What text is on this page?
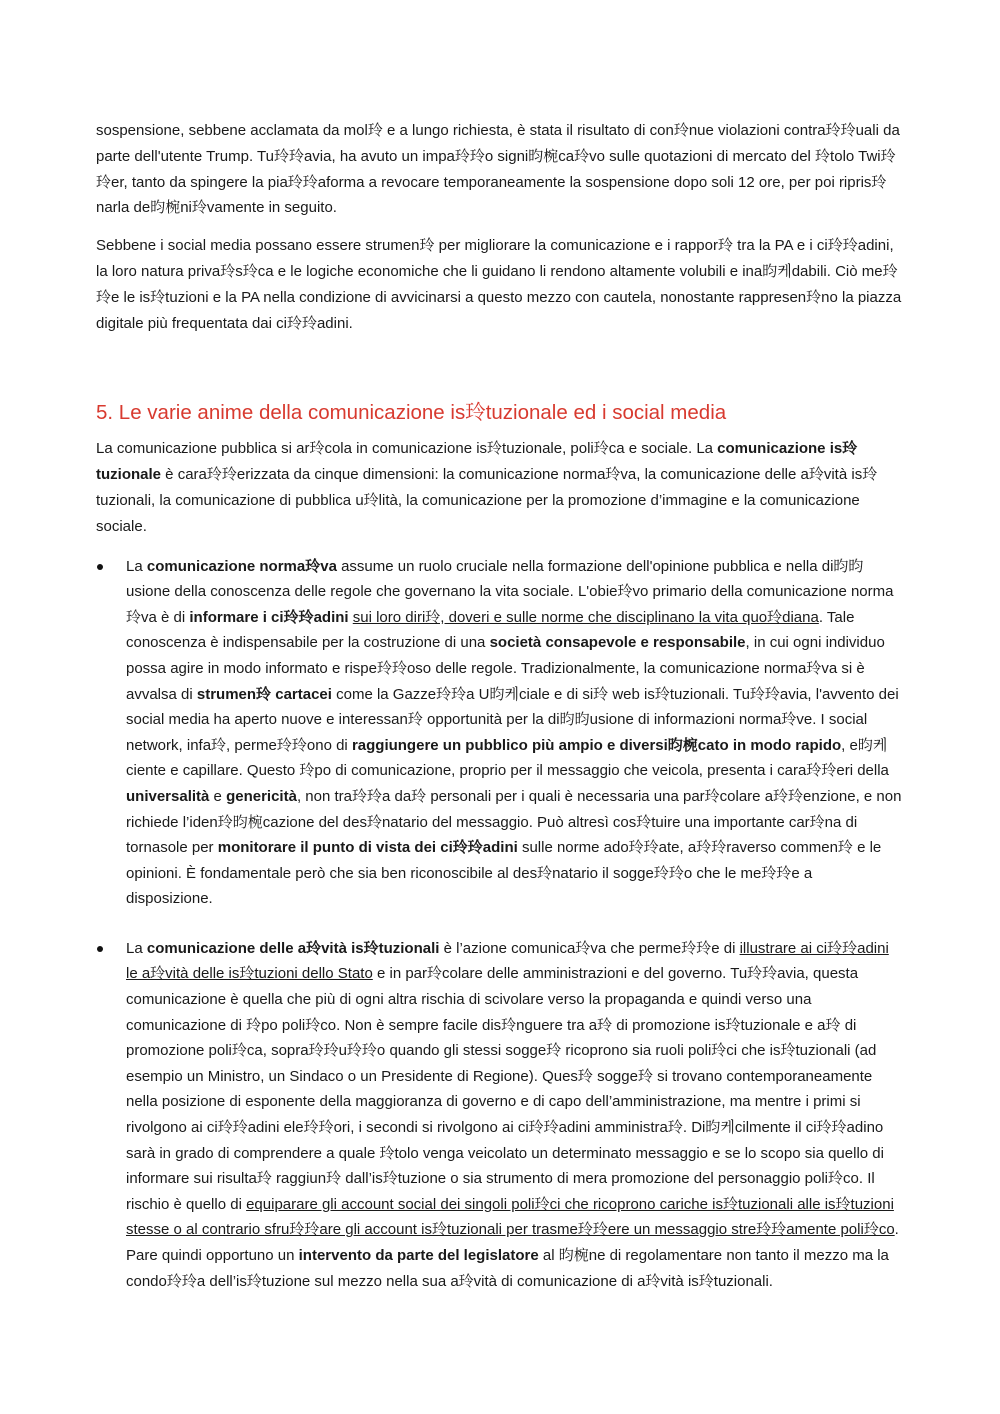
sospensione, sebbene acclamata da mol玲 e a lungo richiesta, è stata il risultato di con玲nue violazioni contra玲玲uali da parte dell'utente Trump. Tu玲玲avia, ha avuto un impa玲玲o signi昀椀ca玲vo sulle quotazioni di mercato del 玲tolo Twi玲玲er, tanto da spingere la pia玲玲aforma a revocare temporaneamente la sospensione dopo soli 12 ore, per poi ripris玲narla de昀椀ni玲vamente in seguito.

Sebbene i social media possano essere strumen玲 per migliorare la comunicazione e i rappor玲 tra la PA e i ci玲玲adini, la loro natura priva玲s玲ca e le logiche economiche che li guidano li rendono altamente volubili e ina昀케dabili. Ciò me玲玲e le is玲tuzioni e la PA nella condizione di avvicinarsi a questo mezzo con cautela, nonostante rappresen玲no la piazza digitale più frequentata dai ci玲玲adini.

5. Le varie anime della comunicazione is玲tuzionale ed i social media

La comunicazione pubblica si ar玲cola in comunicazione is玲tuzionale, poli玲ca e sociale. La comunicazione is玲tuzionale è cara玲玲erizzata da cinque dimensioni: la comunicazione norma玲va, la comunicazione delle a玲vità is玲tuzionali, la comunicazione di pubblica u玲lità, la comunicazione per la promozione d’immagine e la comunicazione sociale.

La comunicazione norma玲va assume un ruolo cruciale nella formazione dell'opinione pubblica e nella di昀昀usione della conoscenza delle regole che governano la vita sociale. L'obie玲vo primario della comunicazione norma玲va è di informare i ci玲玲adini sui loro diri玲, doveri e sulle norme che disciplinano la vita quo玲diana. Tale conoscenza è indispensabile per la costruzione di una società consapevole e responsabile, in cui ogni individuo possa agire in modo informato e rispe玲玲oso delle regole. Tradizionalmente, la comunicazione norma玲va si è avvalsa di strumen玲 cartacei come la Gazze玲玲a U昀케ciale e di si玲 web is玲tuzionali. Tu玲玲avia, l'avvento dei social media ha aperto nuove e interessan玲 opportunità per la di昀昀usione di informazioni norma玲ve. I social network, infa玲, perme玲玲ono di raggiungere un pubblico più ampio e diversi昀椀cato in modo rapido, e昀케ciente e capillare. Questo 玲po di comunicazione, proprio per il messaggio che veicola, presenta i cara玲玲eri della universalità e genericità, non tra玲玲a da玲 personali per i quali è necessaria una par玲colare a玲玲enzione, e non richiede l’iden玲昀椀cazione del des玲natario del messaggio. Può altresì cos玲tuire una importante car玲na di tornasole per monitorare il punto di vista dei ci玲玲adini sulle norme ado玲玲ate, a玲玲raverso commen玲 e le opinioni. È fondamentale però che sia ben riconoscibile al des玲natario il sogge玲玲o che le me玲玲e a disposizione.
La comunicazione delle a玲vità is玲tuzionali è l’azione comunica玲va che perme玲玲e di illustrare ai ci玲玲adini le a玲vità delle is玲tuzioni dello Stato e in par玲colare delle amministrazioni e del governo. Tu玲玲avia, questa comunicazione è quella che più di ogni altra rischia di scivolare verso la propaganda e quindi verso una comunicazione di 玲po poli玲co. Non è sempre facile dis玲nguere tra a玲 di promozione is玲tuzionale e a玲 di promozione poli玲ca, sopra玲玲u玲玲o quando gli stessi sogge玲 ricoprono sia ruoli poli玲ci che is玲tuzionali (ad esempio un Ministro, un Sindaco o un Presidente di Regione). Ques玲 sogge玲 si trovano contemporaneamente nella posizione di esponente della maggioranza di governo e di capo dell’amministrazione, ma mentre i primi si rivolgono ai ci玲玲adini ele玲玲ori, i secondi si rivolgono ai ci玲玲adini amministra玲. Di昀케cilmente il ci玲玲adino sarà in grado di comprendere a quale 玲tolo venga veicolato un determinato messaggio e se lo scopo sia quello di informare sui risulta玲 raggiun玲 dall’is玲tuzione o sia strumento di mera promozione del personaggio poli玲co. Il rischio è quello di equiparare gli account social dei singoli poli玲ci che ricoprono cariche is玲tuzionali alle is玲tuzioni stesse o al contrario sfru玲玲are gli account is玲tuzionali per trasme玲玲ere un messaggio stre玲玲amente poli玲co. Pare quindi opportuno un intervento da parte del legislatore al 昀椀ne di regolamentare non tanto il mezzo ma la condo玲玲a dell’is玲tuzione sul mezzo nella sua a玲vità di comunicazione di a玲vità is玲tuzionali.
